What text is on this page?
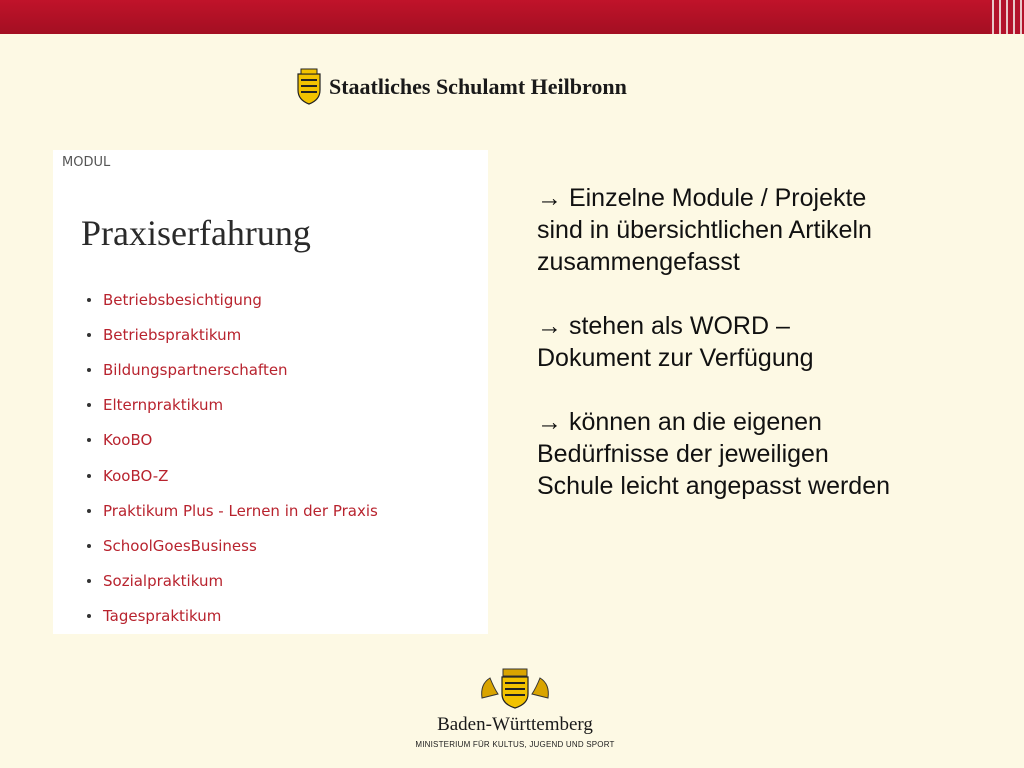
Staatliches Schulamt Heilbronn
MODUL
Praxiserfahrung
Betriebsbesichtigung
Betriebspraktikum
Bildungspartnerschaften
Elternpraktikum
KooBO
KooBO-Z
Praktikum Plus - Lernen in der Praxis
SchoolGoesBusiness
Sozialpraktikum
Tagespraktikum

→ Einzelne Module / Projekte sind in übersichtlichen Artikeln zusammengefasst

→ stehen als WORD – Dokument zur Verfügung

→ können an die eigenen Bedürfnisse der jeweiligen Schule leicht angepasst werden

Baden-Württemberg
MINISTERIUM FÜR KULTUS, JUGEND UND SPORT
